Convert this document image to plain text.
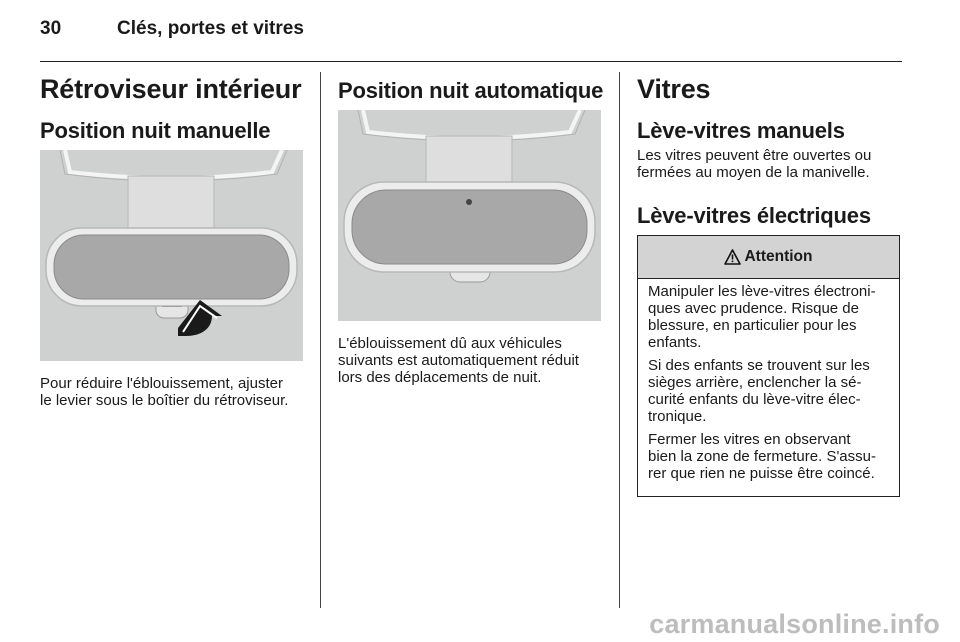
30	Clés, portes et vitres
Rétroviseur intérieur
Position nuit manuelle
Pour réduire l'éblouissement, ajuster
le levier sous le boîtier du rétroviseur.
Position nuit automatique
L'éblouissement dû aux véhicules
suivants est automatiquement réduit
lors des déplacements de nuit.
Vitres
Lève-vitres manuels
Les vitres peuvent être ouvertes ou
fermées au moyen de la manivelle.
Lève-vitres électriques
Attention

Manipuler les lève-vitres électroni-
ques avec prudence. Risque de
blessure, en particulier pour les
enfants.

Si des enfants se trouvent sur les
sièges arrière, enclencher la sé-
curité enfants du lève-vitre élec-
tronique.

Fermer les vitres en observant
bien la zone de fermeture. S'assu-
rer que rien ne puisse être coincé.

carmanualsonline.info
